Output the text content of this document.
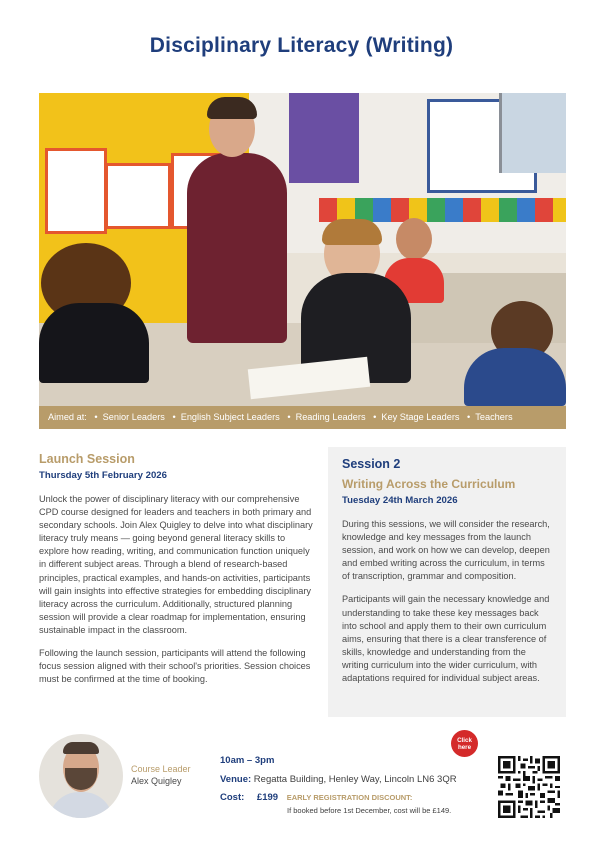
Disciplinary Literacy (Writing)
Aimed at: • Senior Leaders • English Subject Leaders • Reading Leaders • Key Stage Leaders • Teachers
Launch Session
Thursday 5th February 2026

Unlock the power of disciplinary literacy with our comprehensive CPD course designed for leaders and teachers in both primary and secondary schools. Join Alex Quigley to delve into what disciplinary literacy truly means — going beyond general literacy skills to explore how reading, writing, and communication function uniquely in different subject areas. Through a blend of research-based principles, practical examples, and hands-on activities, participants will gain insights into effective strategies for embedding disciplinary literacy across the curriculum. Additionally, structured planning session will provide a clear roadmap for implementation, ensuring sustainable impact in the classroom.

Following the launch session, participants will attend the following focus session aligned with their school's priorities. Session choices must be confirmed at the time of booking.

Session 2
Writing Across the Curriculum
Tuesday 24th March 2026

During this sessions, we will consider the research, knowledge and key messages from the launch session, and work on how we can develop, deepen and embed writing across the curriculum, in terms of transcription, grammar and composition.

Participants will gain the necessary knowledge and understanding to take these key messages back into school and apply them to their own curriculum aims, ensuring that there is a clear transference of skills, knowledge and understanding from the writing curriculum into the wider curriculum, with adaptations required for individual subject areas.

Course Leader
Alex Quigley
10am – 3pm
Venue: Regatta Building, Henley Way, Lincoln LN6 3QR
Cost: £199 EARLY REGISTRATION DISCOUNT:
If booked before 1st December, cost will be £149.
Click
here
